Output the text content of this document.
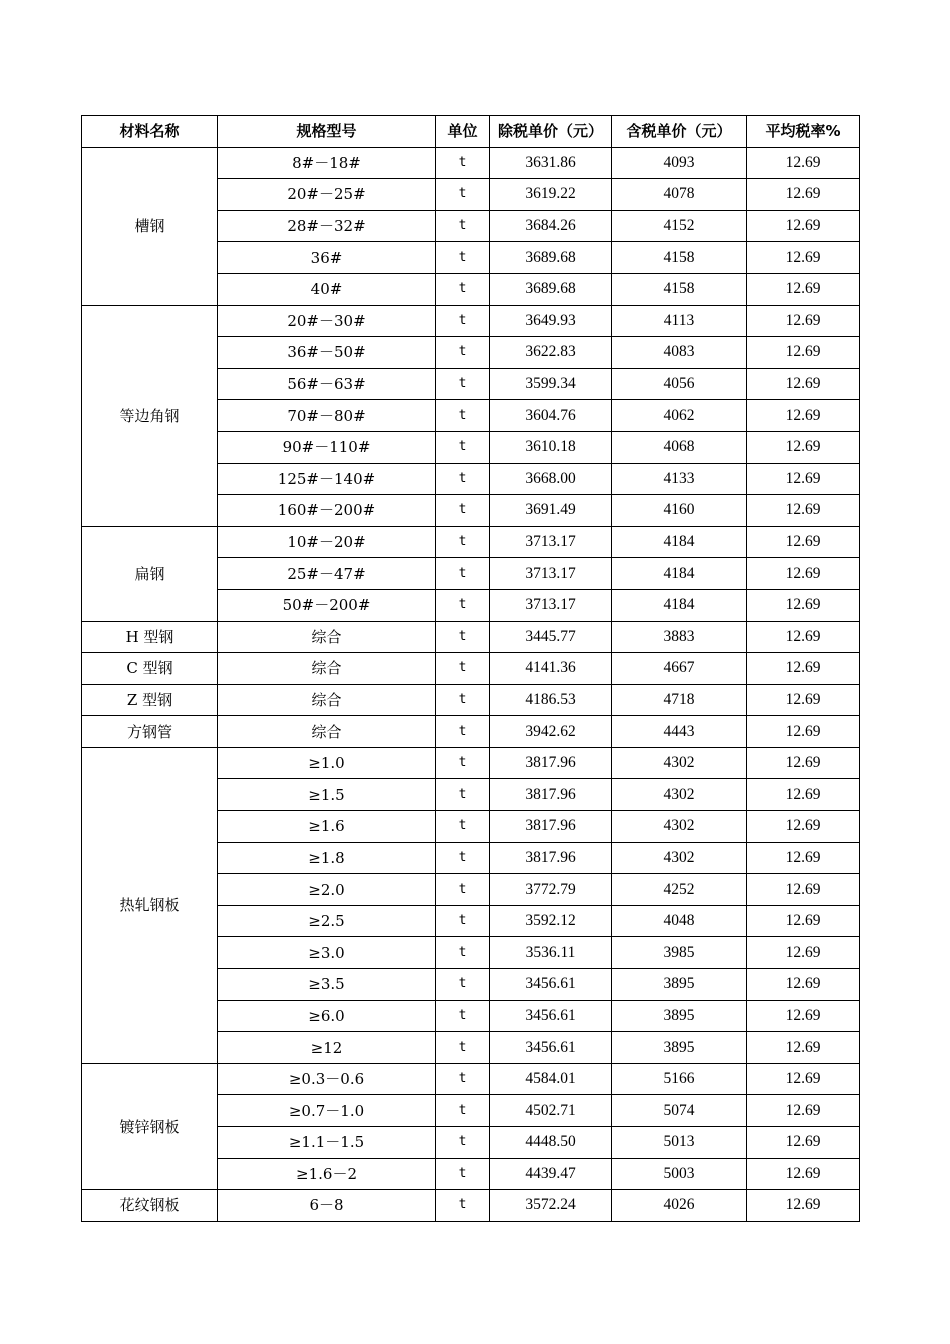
材料名称	规格型号	单位	除税单价（元）	含税单价（元）	平均税率%
槽钢	8#－18#	t	3631.86	4093	12.69
	20#－25#	t	3619.22	4078	12.69
	28#－32#	t	3684.26	4152	12.69
	36#	t	3689.68	4158	12.69
	40#	t	3689.68	4158	12.69
等边角钢	20#－30#	t	3649.93	4113	12.69
	36#－50#	t	3622.83	4083	12.69
	56#－63#	t	3599.34	4056	12.69
	70#－80#	t	3604.76	4062	12.69
	90#－110#	t	3610.18	4068	12.69
	125#－140#	t	3668.00	4133	12.69
	160#－200#	t	3691.49	4160	12.69
扁钢	10#－20#	t	3713.17	4184	12.69
	25#－47#	t	3713.17	4184	12.69
	50#－200#	t	3713.17	4184	12.69
H 型钢	综合	t	3445.77	3883	12.69
C 型钢	综合	t	4141.36	4667	12.69
Z 型钢	综合	t	4186.53	4718	12.69
方钢管	综合	t	3942.62	4443	12.69
热轧钢板	≥1.0	t	3817.96	4302	12.69
	≥1.5	t	3817.96	4302	12.69
	≥1.6	t	3817.96	4302	12.69
	≥1.8	t	3817.96	4302	12.69
	≥2.0	t	3772.79	4252	12.69
	≥2.5	t	3592.12	4048	12.69
	≥3.0	t	3536.11	3985	12.69
	≥3.5	t	3456.61	3895	12.69
	≥6.0	t	3456.61	3895	12.69
	≥12	t	3456.61	3895	12.69
镀锌钢板	≥0.3－0.6	t	4584.01	5166	12.69
	≥0.7－1.0	t	4502.71	5074	12.69
	≥1.1－1.5	t	4448.50	5013	12.69
	≥1.6－2	t	4439.47	5003	12.69
花纹钢板	6－8	t	3572.24	4026	12.69
